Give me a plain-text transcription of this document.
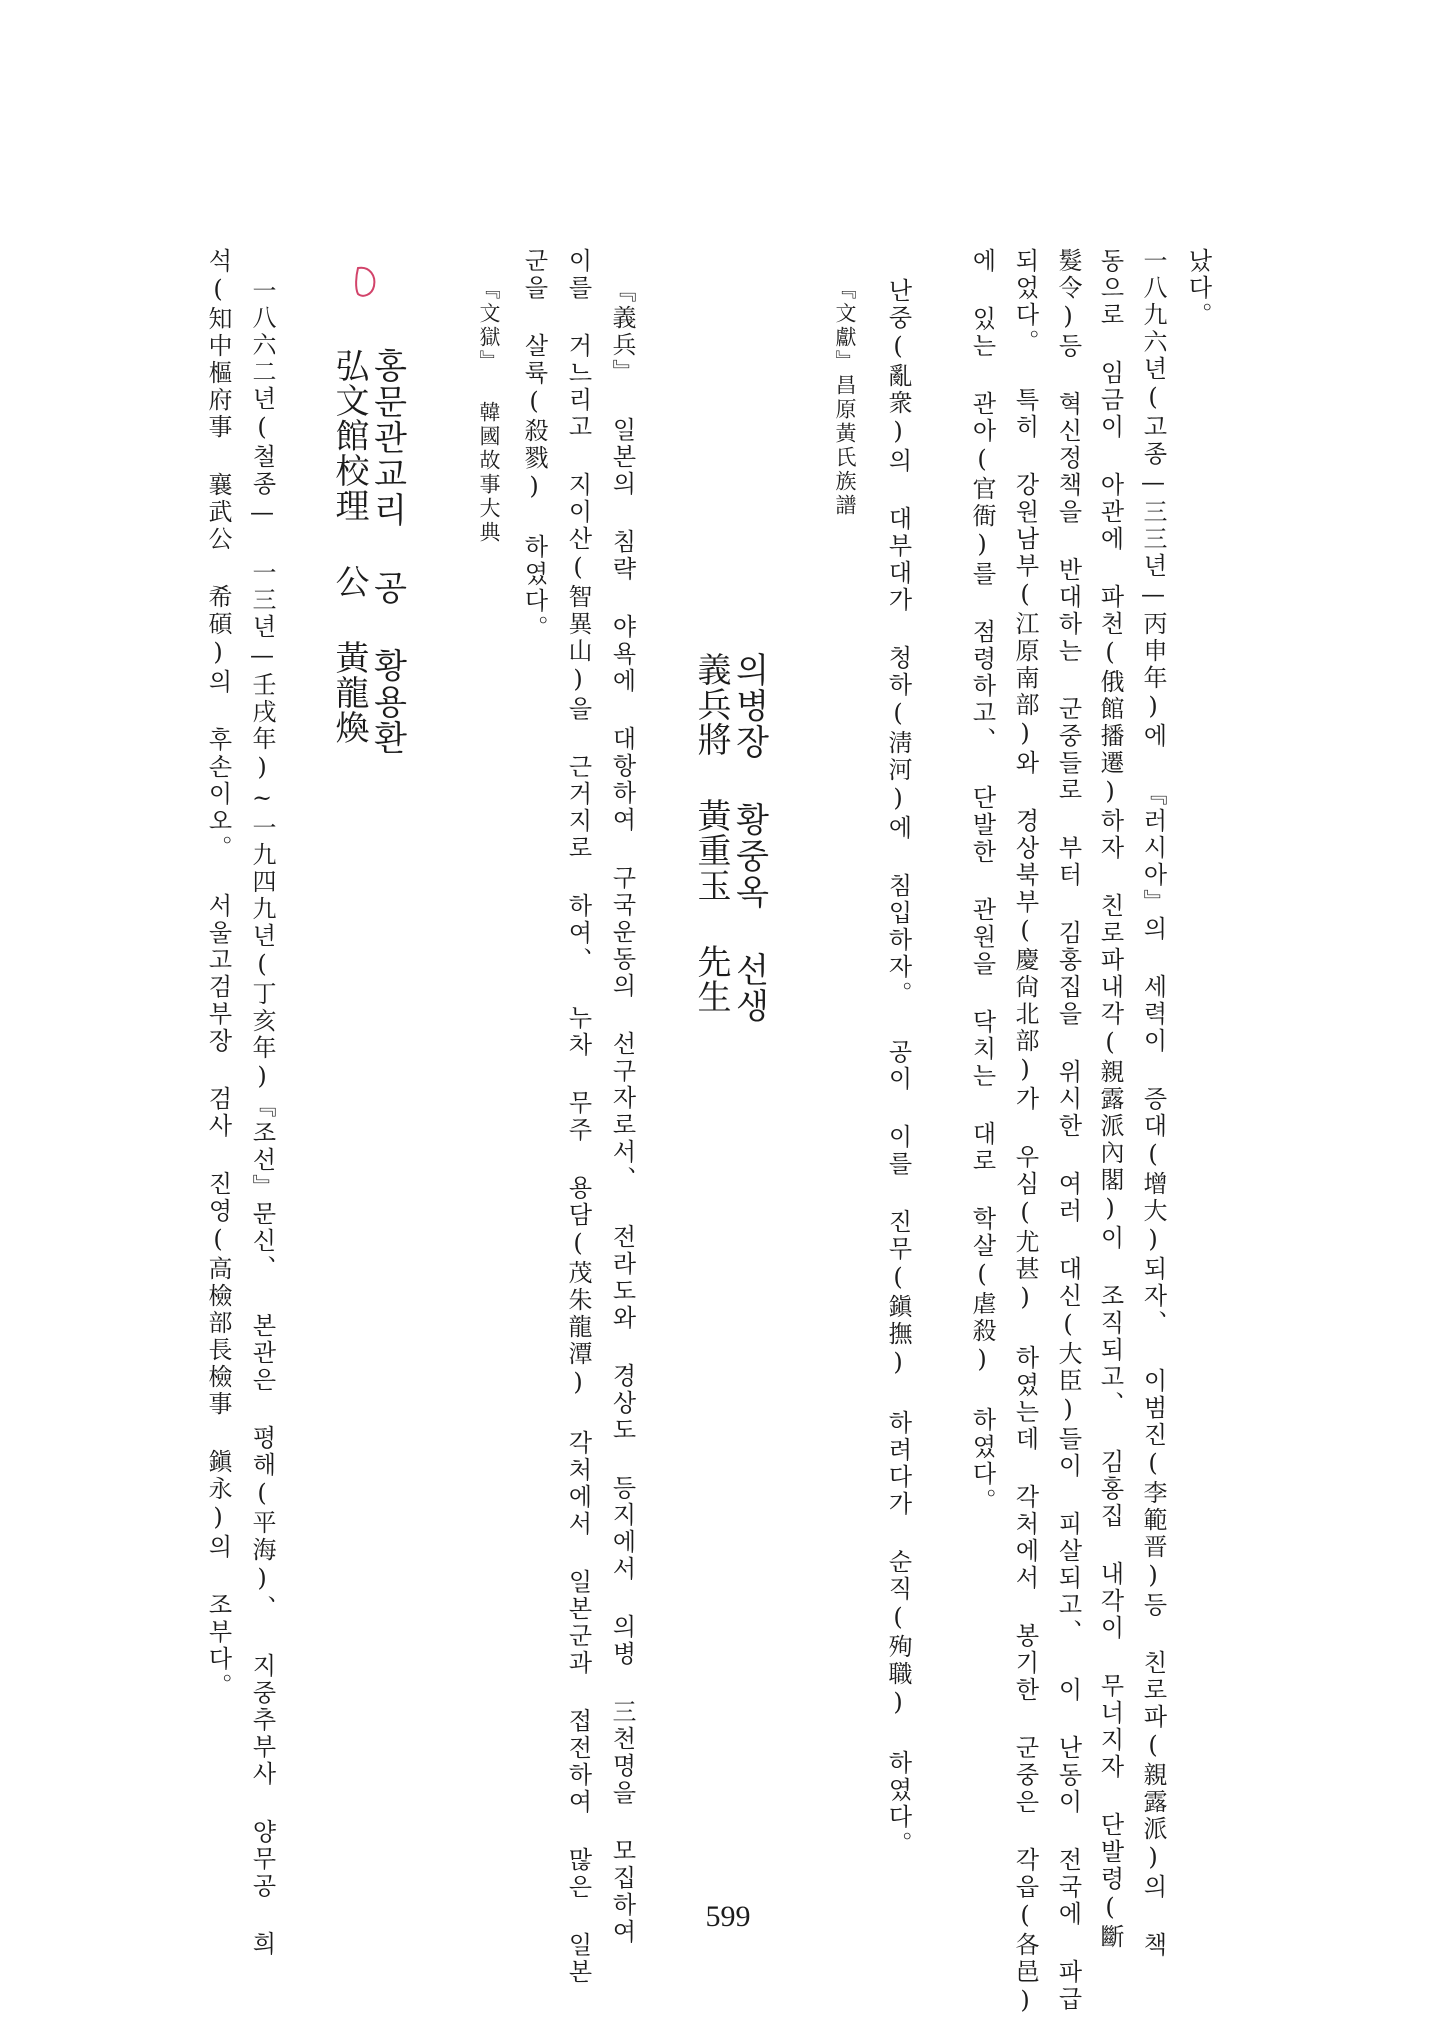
났다。
一八九六년(고종—三三년—丙申年)에 『러시아』의 세력이 증대(增大)되자、 이범진(李範晋)등 친로파(親露派)의 책
동으로 임금이 아관에 파천(俄館播遷)하자 친로파내각(親露派內閣)이 조직되고、 김홍집 내각이 무너지자 단발령(斷
髮令)등 혁신정책을 반대하는 군중들로 부터 김홍집을 위시한 여러 대신(大臣)들이 피살되고、 이 난동이 전국에 파급
되었다。 특히 강원남부(江原南部)와 경상북부(慶尙北部)가 우심(尤甚) 하였는데 각처에서 봉기한 군중은 각읍(各邑)
에 있는 관아(官衙)를 점령하고、 단발한 관원을 닥치는 대로 학살(虐殺) 하였다。
난중(亂衆)의 대부대가 청하(淸河)에 침입하자。 공이 이를 진무(鎭撫) 하려다가 순직(殉職) 하였다。
『文獻』昌原黃氏族譜
의병장 황중옥 선생
義兵將 黃重玉 先生
『義兵』 일본의 침략 야욕에 대항하여 구국운동의 선구자로서、 전라도와 경상도 등지에서 의병 三천명을 모집하여
이를 거느리고 지이산(智異山)을 근거지로 하여、 누차 무주 용담(茂朱龍潭) 각처에서 일본군과 접전하여 많은 일본
군을 살륙(殺戮) 하였다。
『文獄』 韓國故事大典
홍문관교리 공 황용환
弘文館校理 公 黃龍煥
一八六二년(철종— 一三년—壬戌年)~一九四九년(丁亥年)『조선』문신、 본관은 평해(平海)、 지중추부사 양무공 희
석(知中樞府事 襄武公 希碩)의 후손이오。 서울고검부장 검사 진영(高檢部長檢事 鎭永)의 조부다。
599
